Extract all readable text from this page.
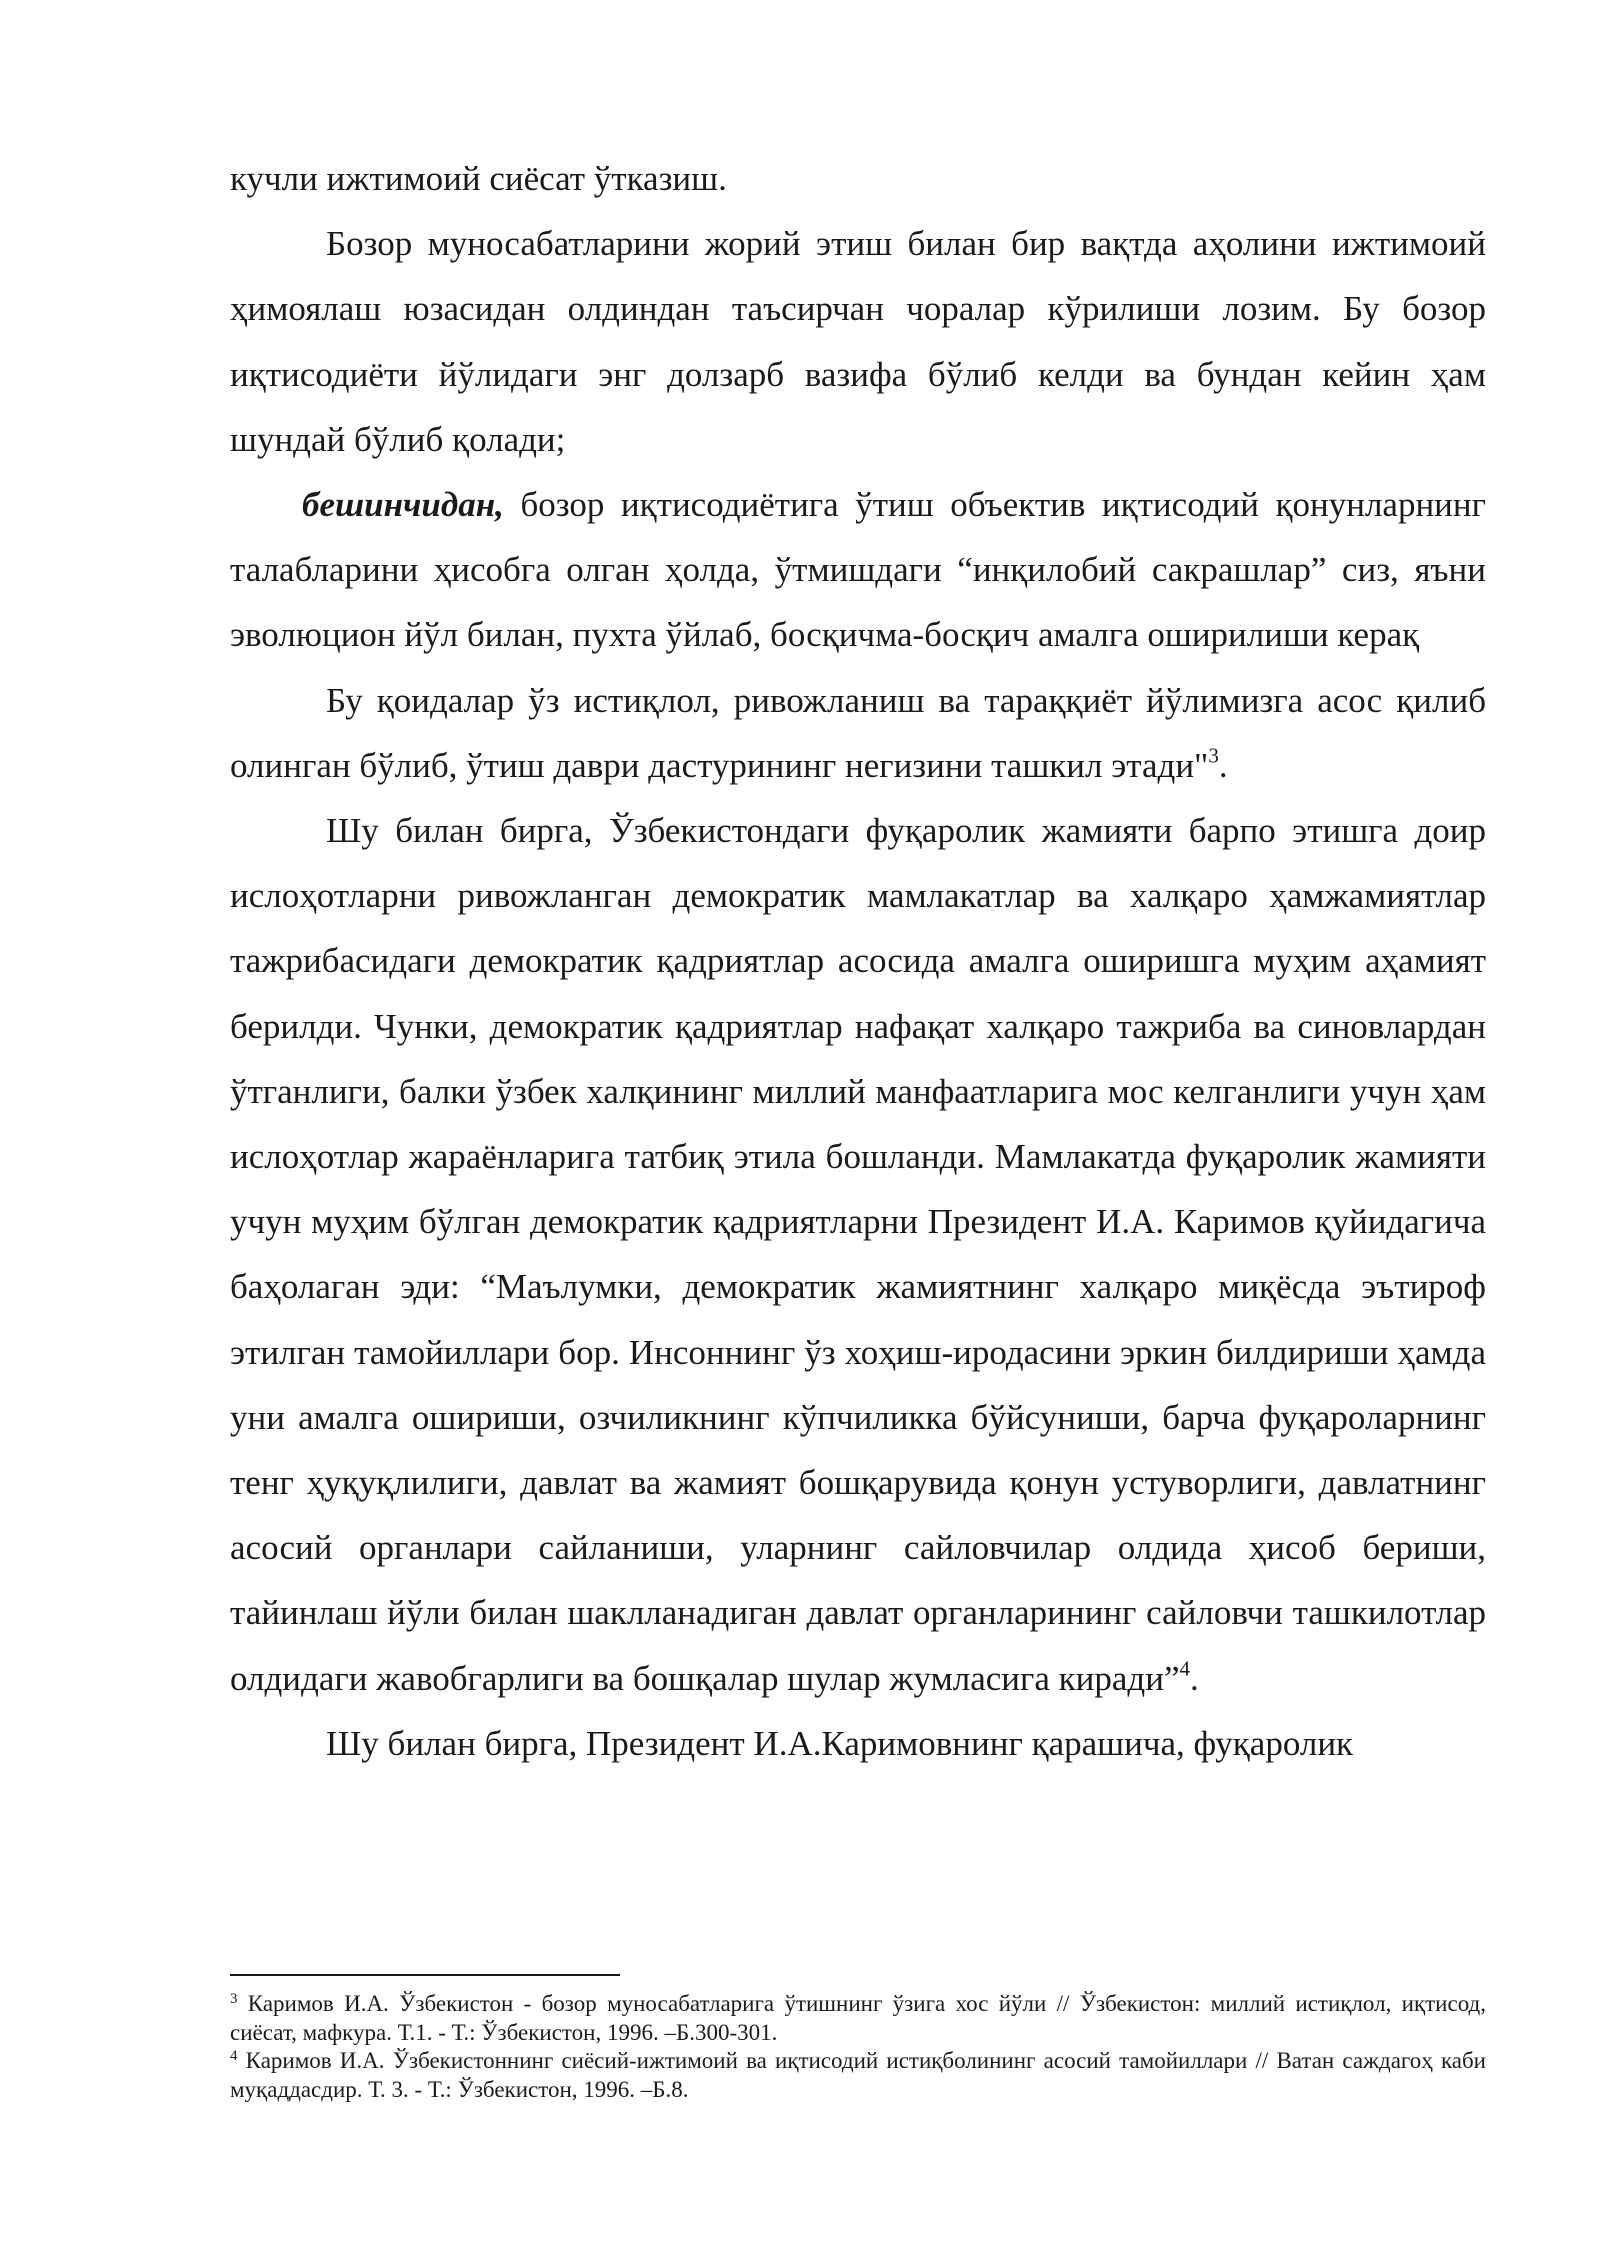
кучли ижтимоий сиёсат ўтказиш.

Бозор муносабатларини жорий этиш билан бир вақтда аҳолини ижтимоий ҳимоялаш юзасидан олдиндан таъсирчан чоралар кўрилиши лозим. Бу бозор иқтисодиёти йўлидаги энг долзарб вазифа бўлиб келди ва бундан кейин ҳам шундай бўлиб қолади;

бешинчидан, бозор иқтисодиётига ўтиш объектив иқтисодий қонунларнинг талабларини ҳисобга олган ҳолда, ўтмишдаги “инқилобий сакрашлар” сиз, яъни эволюцион йўл билан, пухта ўйлаб, босқичма-босқич амалга оширилиши керақ

Бу қоидалар ўз истиқлол, ривожланиш ва тараққиёт йўлимизга асос қилиб олинган бўлиб, ўтиш даври дастурининг негизини ташкил этади"$^3$.

Шу билан бирга, Ўзбекистондаги фуқаролик жамияти барпо этишга доир ислоҳотларни ривожланган демократик мамлакатлар ва халқаро ҳамжамиятлар тажрибасидаги демократик қадриятлар асосида амалга оширишга муҳим аҳамият берилди. Чунки, демократик қадриятлар нафақат халқаро тажриба ва синовлардан ўтганлиги, балки ўзбек халқининг миллий манфаатларига мос келганлиги учун ҳам ислоҳотлар жараёнларига татбиқ этила бошланди. Мамлакатда фуқаролик жамияти учун муҳим бўлган демократик қадриятларни Президент И.А. Каримов қуйидагича баҳолаган эди: “Маълумки, демократик жамиятнинг халқаро миқёсда эътироф этилган тамойиллари бор. Инсоннинг ўз хоҳиш-иродасини эркин билдириши ҳамда уни амалга ошириши, озчиликнинг кўпчиликка бўйсуниши, барча фуқароларнинг тенг ҳуқуқлилиги, давлат ва жамият бошқарувида қонун устуворлиги, давлатнинг асосий органлари сайланиши, уларнинг сайловчилар олдида ҳисоб бериши, тайинлаш йўли билан шаклланадиган давлат органларининг сайловчи ташкилотлар олдидаги жавобгарлиги ва бошқалар шулар жумласига киради”$^4$.

Шу билан бирга, Президент И.А.Каримовнинг қарашича, фуқаролик

$^3$ Каримов И.А. Ўзбекистон - бозор муносабатларига ўтишнинг ўзига хос йўли // Ўзбекистон: миллий истиқлол, иқтисод, сиёсат, мафкура. Т.1. - Т.: Ўзбекистон, 1996. –Б.300-301.

$^4$ Каримов И.А. Ўзбекистоннинг сиёсий-ижтимоий ва иқтисодий истиқболининг асосий тамойиллари // Ватан саждагоҳ каби муқаддасдир. Т. 3. - Т.: Ўзбекистон, 1996. –Б.8.
